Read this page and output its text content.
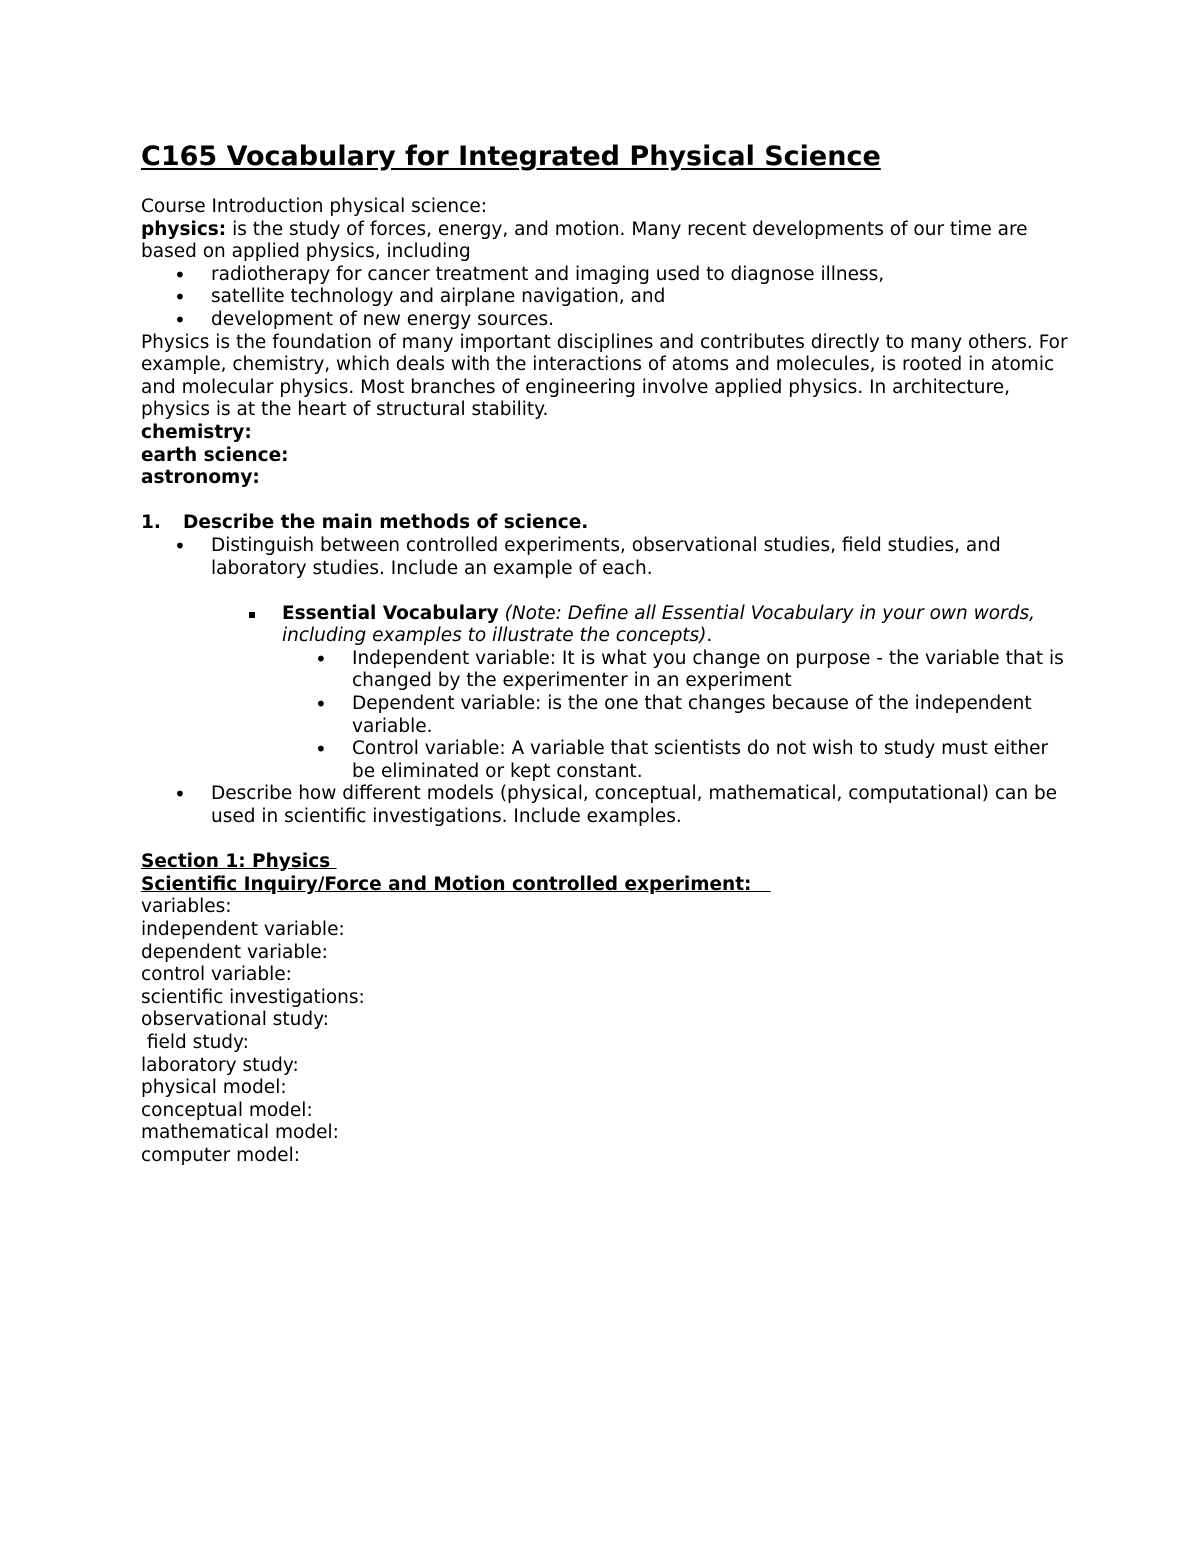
C165 Vocabulary for Integrated Physical Science

Course Introduction physical science:

physics: is the study of forces, energy, and motion. Many recent developments of our time are based on applied physics, including

• radiotherapy for cancer treatment and imaging used to diagnose illness,
• satellite technology and airplane navigation, and
• development of new energy sources.

Physics is the foundation of many important disciplines and contributes directly to many others. For example, chemistry, which deals with the interactions of atoms and molecules, is rooted in atomic and molecular physics. Most branches of engineering involve applied physics. In architecture, physics is at the heart of structural stability.

chemistry:

earth science:

astronomy:

1. Describe the main methods of science.
• Distinguish between controlled experiments, observational studies, field studies, and laboratory studies. Include an example of each.
Essential Vocabulary (Note: Define all Essential Vocabulary in your own words, including examples to illustrate the concepts).
• Independent variable: It is what you change on purpose - the variable that is changed by the experimenter in an experiment
• Dependent variable: is the one that changes because of the independent variable.
• Control variable: A variable that scientists do not wish to study must either be eliminated or kept constant.
• Describe how different models (physical, conceptual, mathematical, computational) can be used in scientific investigations. Include examples.

Section 1: Physics

Scientific Inquiry/Force and Motion controlled experiment:

variables:

independent variable:

dependent variable:

control variable:

scientific investigations:

observational study:

field study:

laboratory study:

physical model:

conceptual model:

mathematical model:

computer model:
